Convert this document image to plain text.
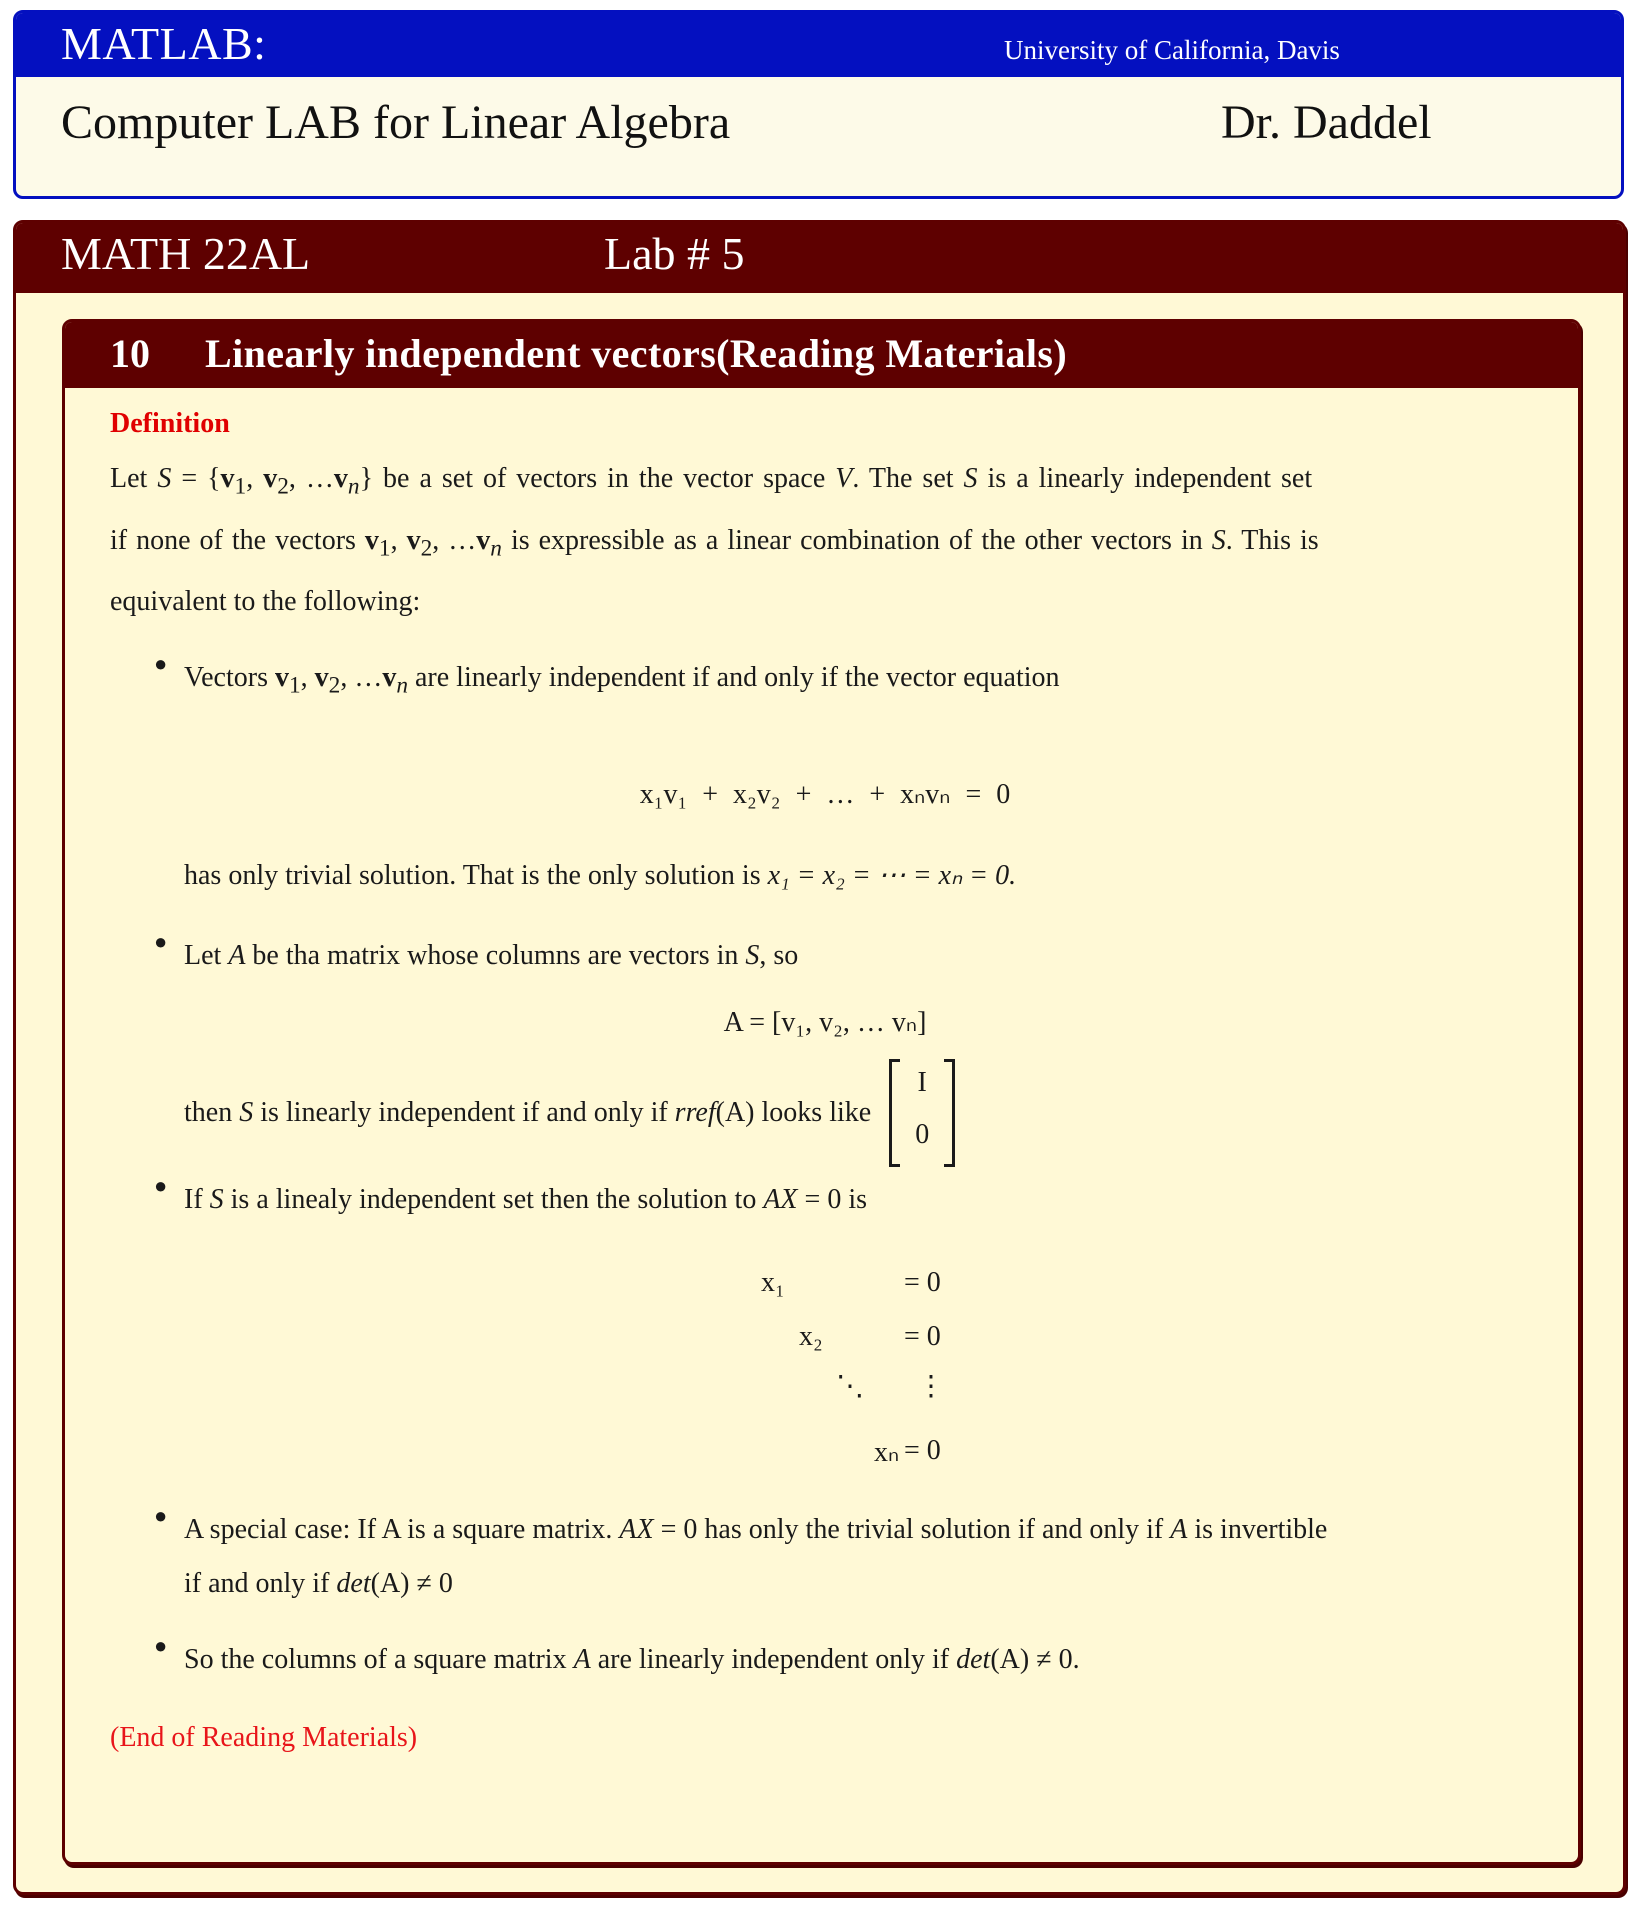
MATLAB:	University of California, Davis
Computer LAB for Linear Algebra	Dr. Daddel
MATH 22AL	Lab # 5
10 Linearly independent vectors(Reading Materials)
Definition
Let $S = \{v_1$, $v_2$, $\dots v_n$} be a set of vectors in the vector space V. The set S is a linearly independent set
if none of the vectors $v_1$, $v_2$, $\dots v_n$ is expressible as a linear combination of the other vectors in S. This is
equivalent to the following:
● Vectors $v_1$, $v_2$, $\dots v_n$ are linearly independent if and only if the vector equation
x₁v₁ + x₂v₂ + … + xₙvₙ = 0
has only trivial solution. That is the only solution is x₁ = x₂ = ⋯ = xₙ = 0.
● Let A be tha matrix whose columns are vectors in S, so
A = [v₁, v₂, … vₙ]
then S is linearly independent if and only if rref(A) looks like
I
0
● If S is a linealy independent set then the solution to AX = 0 is
x₁	= 0
x₂	= 0
⋱ ⋮
xₙ = 0
● A special case: If A is a square matrix. AX = 0 has only the trivial solution if and only if A is invertible
if and only if det(A) ≠ 0
● So the columns of a square matrix A are linearly independent only if det(A) ≠ 0.
(End of Reading Materials)
